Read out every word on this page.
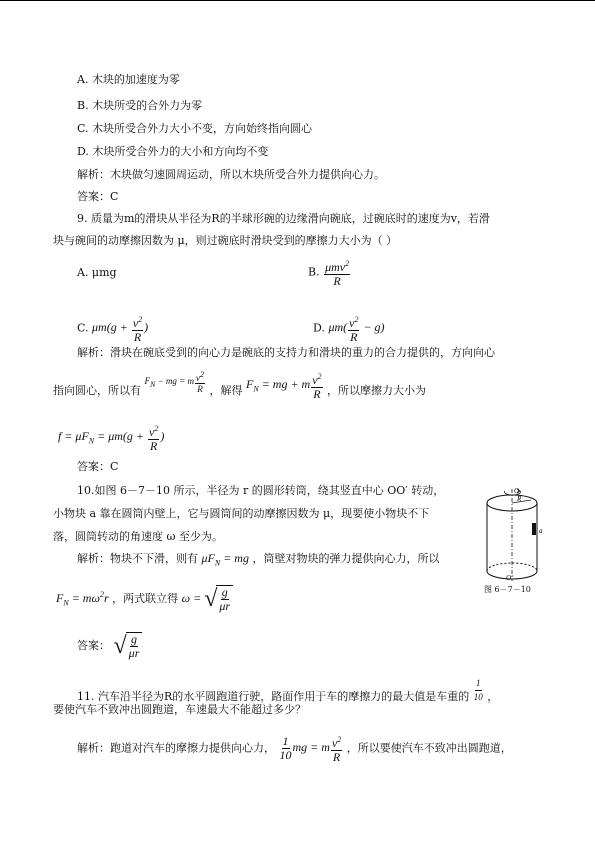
A. 木块的加速度为零
B. 木块所受的合外力为零
C. 木块所受合外力大小不变，方向始终指向圆心
D. 木块所受合外力的大小和方向均不变
解析：木块做匀速圆周运动，所以木块所受合外力提供向心力。
答案：C
9. 质量为m的滑块从半径为R的半球形碗的边缘滑向碗底，过碗底时的速度为v，若滑
块与碗间的动摩擦因数为 μ，则过碗底时滑块受到的摩擦力大小为（ ）
A. μmg	B. $\frac{\mu mv^2}{R}$
C. $\mu m(g + \frac{v^2}{R}$ )	D. $\mu m( \frac{v^2}{R} - g)$
解析：滑块在碗底受到的向心力是碗底的支持力和滑块的重力的合力提供的，方向向心
指向圆心，所以有 $^{FN - mg = m \frac{v2}{R}}$ ，解得 $F_N$ = mg + m $\frac{v^2}{R}$ ，所以摩擦力大小为
$f = \mu F_N = \mu m(g + \frac{v^2}{R}$ )
答案：C
10.如图 6－7－10 所示，半径为 r 的圆形转筒，绕其竖直中心 OO′ 转动，
小物块 a 靠在圆筒内壁上，它与圆筒间的动摩擦因数为 μ，现要使小物块不下
落，圆筒转动的角速度 ω 至少为。
解析：物块不下滑，则有 $\mu F_N$ = mg ，筒壁对物块的弹力提供向心力，所以
$F_N = m\omega^2r$ ，两式联立得 ω = √ $\frac{g}{\mu r}$
答案： √ $\frac{g}{\mu r}$
O
R
a
O′
图 6－7－10
11. 汽车沿半径为R的水平圆跑道行驶，路面作用于车的摩擦力的最大值是车重的 $\frac{1}{10}$ ，
要使汽车不致冲出圆跑道，车速最大不能超过多少？
解析：跑道对汽车的摩擦力提供向心力， $\frac{1}{10}$ mg = m $\frac{v^2}{R}$ ，所以要使汽车不致冲出圆跑道，
